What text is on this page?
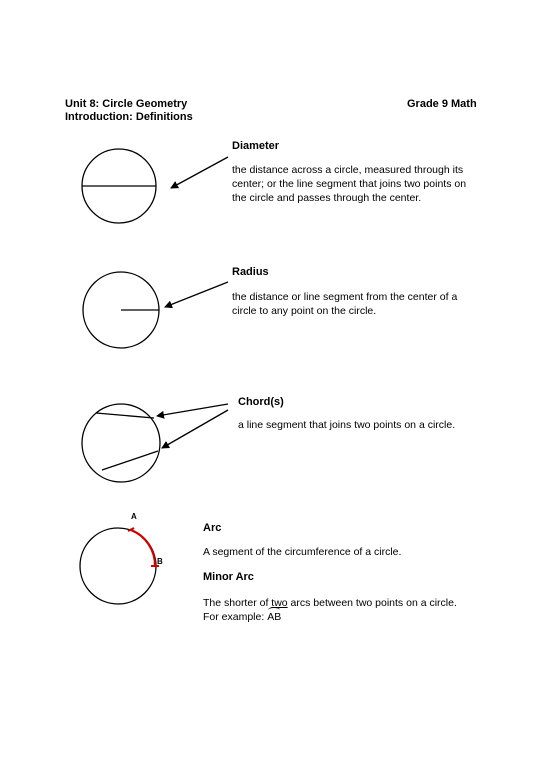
Unit 8: Circle Geometry	Grade 9 Math
Introduction: Definitions
Diameter
the distance across a circle, measured through its center; or the line segment that joins two points on the circle and passes through the center.
Radius
the distance or line segment from the center of a circle to any point on the circle.
Chord(s)
a line segment that joins two points on a circle.
A
B
Arc
A segment of the circumference of a circle.
Minor Arc
The shorter of two arcs between two points on a circle.
For example: AB
